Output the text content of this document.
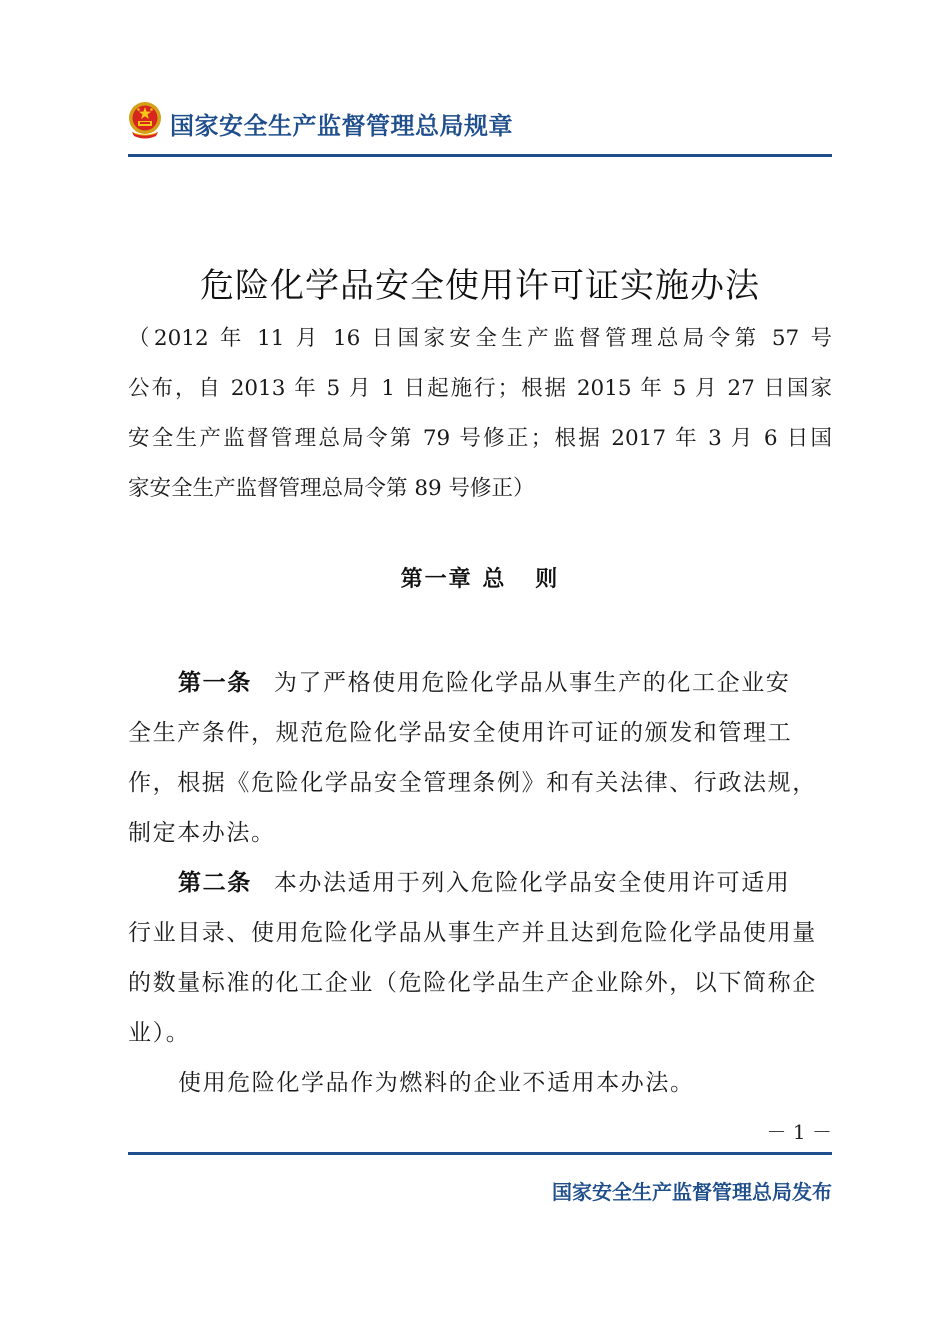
国家安全生产监督管理总局规章
危险化学品安全使用许可证实施办法
（2012 年 11 月 16 日国家安全生产监督管理总局令第 57 号
公布，自 2013 年 5 月 1 日起施行；根据 2015 年 5 月 27 日国家
安全生产监督管理总局令第 79 号修正；根据 2017 年 3 月 6 日国
家安全生产监督管理总局令第 89 号修正）
第一章 总   则
第一条 为了严格使用危险化学品从事生产的化工企业安
全生产条件，规范危险化学品安全使用许可证的颁发和管理工
作，根据《危险化学品安全管理条例》和有关法律、行政法规，
制定本办法。
第二条 本办法适用于列入危险化学品安全使用许可适用
行业目录、使用危险化学品从事生产并且达到危险化学品使用量
的数量标准的化工企业（危险化学品生产企业除外，以下简称企
业）。
使用危险化学品作为燃料的企业不适用本办法。
－ 1 －
国家安全生产监督管理总局发布
